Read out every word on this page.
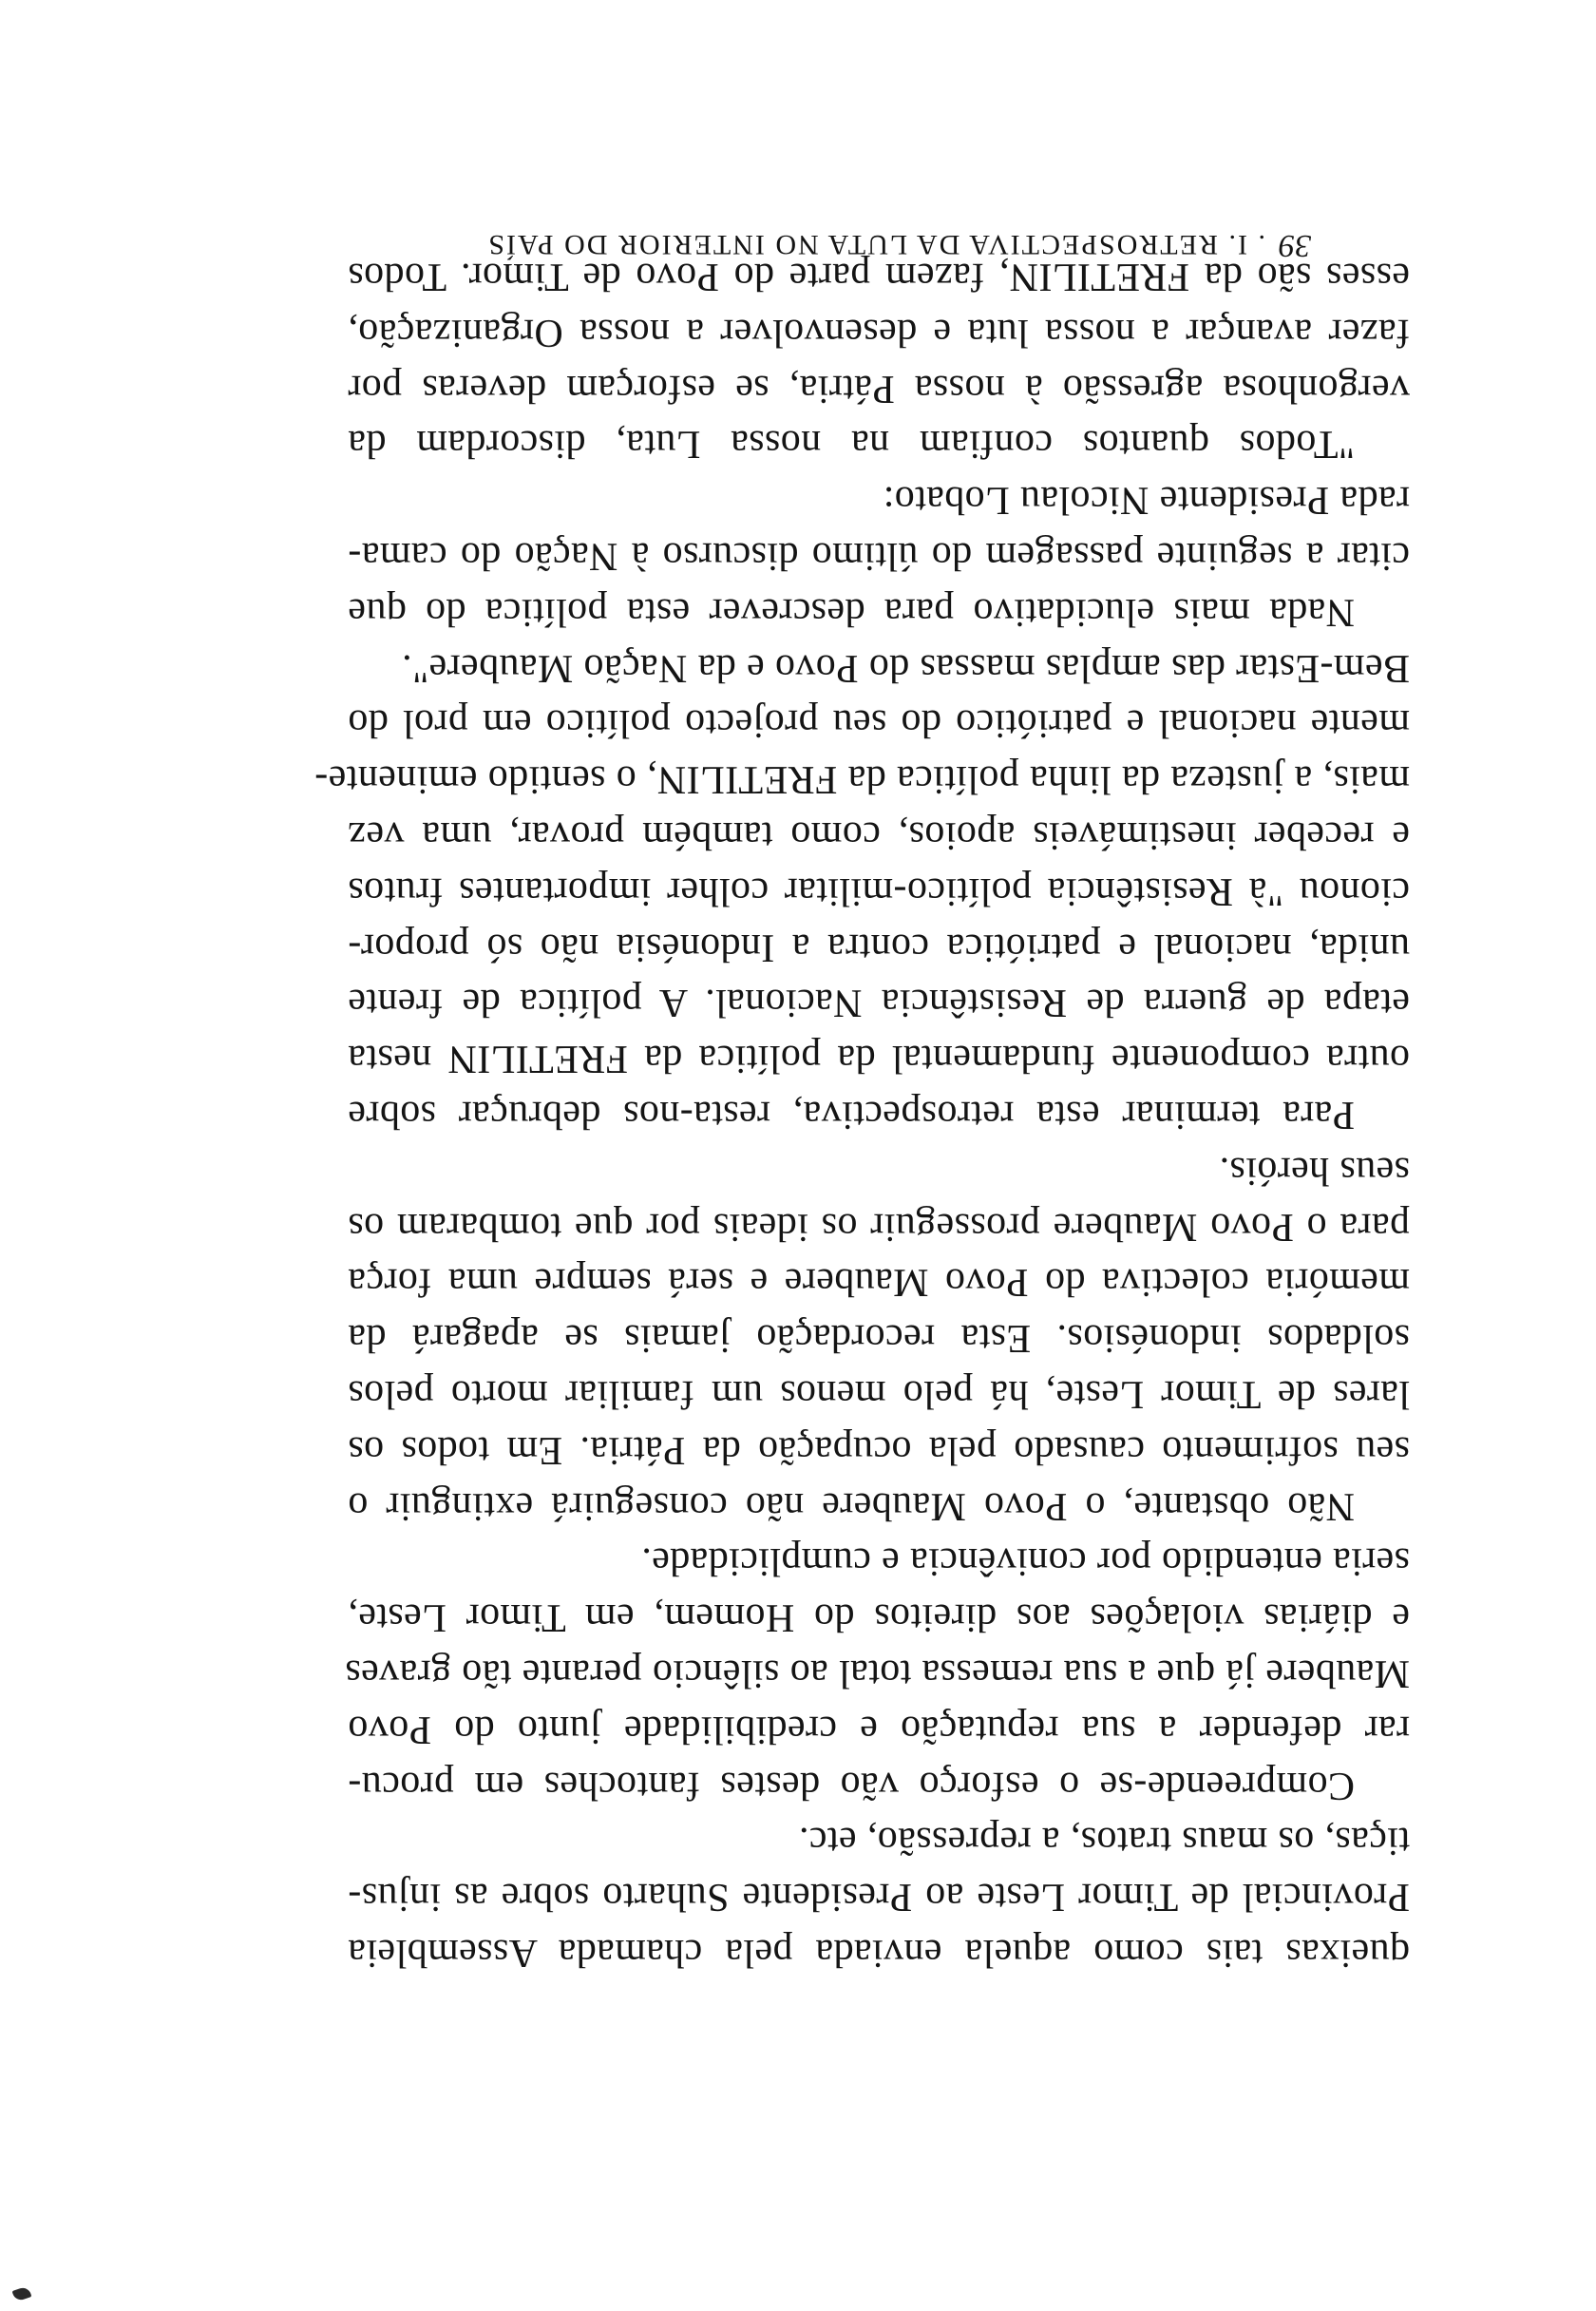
queixas tais como aquela enviada pela chamada Assembleia
Provincial de Timor Leste ao Presidente Suharto sobre as injus-
tiças, os maus tratos, a repressão, etc.
Compreende-se o esforço vão destes fantoches em procu-
rar defender a sua reputação e credibilidade junto do Povo
Maubere já que a sua remessa total ao silêncio perante tão graves
e diárias violações aos direitos do Homem, em Timor Leste,
seria entendido por conivência e cumplicidade.
Não obstante, o Povo Maubere não conseguirá extinguir o
seu sofrimento causado pela ocupação da Pátria. Em todos os
lares de Timor Leste, há pelo menos um familiar morto pelos
soldados indonésios. Esta recordação jamais se apagará da
memória colectiva do Povo Maubere e será sempre uma força
para o Povo Maubere prosseguir os ideais por que tombaram os
seus heróis.
Para terminar esta retrospectiva, resta-nos debruçar sobre
outra componente fundamental da política da FRETILIN nesta
etapa de guerra de Resistência Nacional. A política de frente
unida, nacional e patriótica contra a Indonésia não só propor-
cionou "à Resistência político-militar colher importantes frutos
e receber inestimáveis apoios, como também provar, uma vez
mais, a justeza da linha política da FRETILIN, o sentido eminente-
mente nacional e patriótico do seu projecto político em prol do
Bem-Estar das amplas massas do Povo e da Nação Maubere".
Nada mais elucidativo para descrever esta política do que
citar a seguinte passagem do último discurso à Nação do cama-
rada Presidente Nicolau Lobato:
"Todos quantos confiam na nossa Luta, discordam da
vergonhosa agressão à nossa Pátria, se esforçam deveras por
fazer avançar a nossa luta e desenvolver a nossa Organização,
esses são da FRETILIN, fazem parte do Povo de Timor. Todos
39. I. RETROSPECTIVA DA LUTA NO INTERIOR DO PAÍS
